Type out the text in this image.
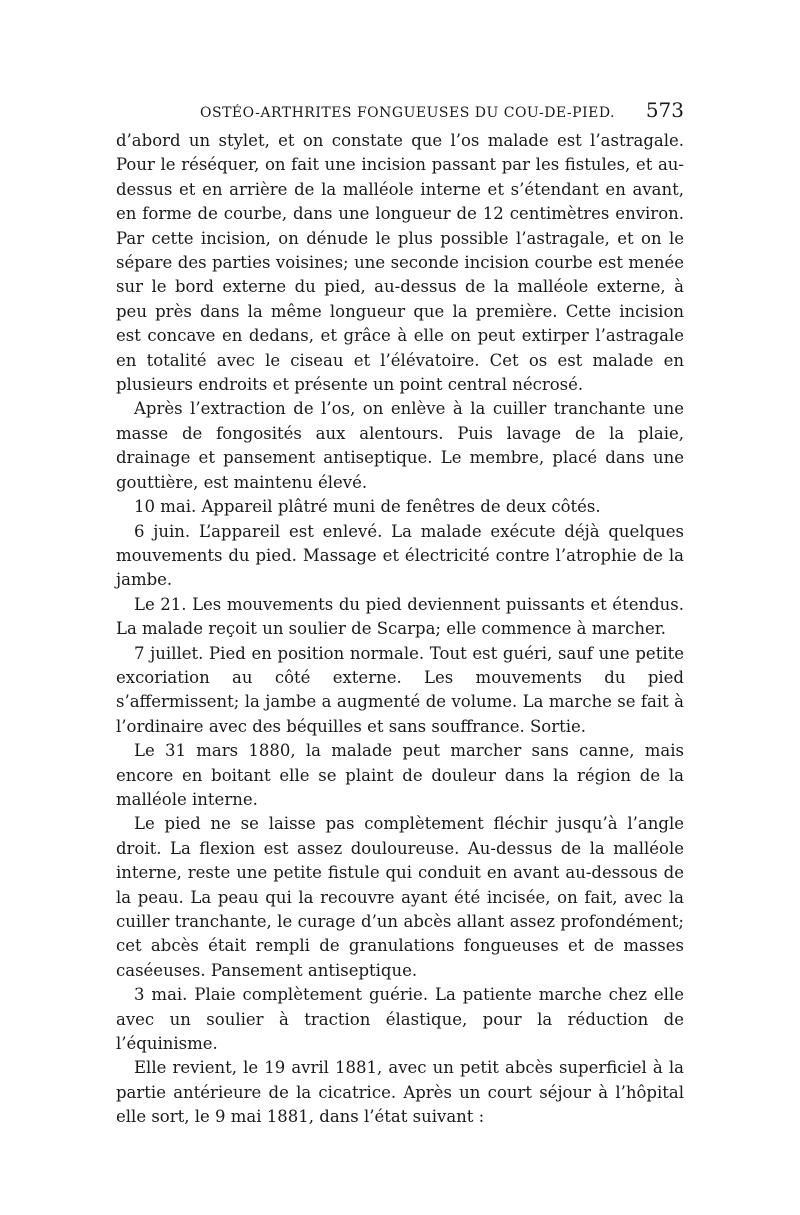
OSTÉO-ARTHRITES FONGUEUSES DU COU-DE-PIED. 573

d’abord un stylet, et on constate que l’os malade est l’astragale. Pour le réséquer, on fait une incision passant par les fistules, et au-dessus et en arrière de la malléole interne et s’étendant en avant, en forme de courbe, dans une longueur de 12 centimètres environ. Par cette incision, on dénude le plus possible l’astragale, et on le sépare des parties voisines; une seconde incision courbe est menée sur le bord externe du pied, au-dessus de la malléole externe, à peu près dans la même longueur que la première. Cette incision est concave en dedans, et grâce à elle on peut extirper l’astragale en totalité avec le ciseau et l’élévatoire. Cet os est malade en plusieurs endroits et présente un point central nécrosé.

Après l’extraction de l’os, on enlève à la cuiller tranchante une masse de fongosités aux alentours. Puis lavage de la plaie, drainage et pansement antiseptique. Le membre, placé dans une gouttière, est maintenu élevé.

10 mai. Appareil plâtré muni de fenêtres de deux côtés.

6 juin. L’appareil est enlevé. La malade exécute déjà quelques mouvements du pied. Massage et électricité contre l’atrophie de la jambe.

Le 21. Les mouvements du pied deviennent puissants et étendus. La malade reçoit un soulier de Scarpa; elle commence à marcher.

7 juillet. Pied en position normale. Tout est guéri, sauf une petite excoriation au côté externe. Les mouvements du pied s’affermissent; la jambe a augmenté de volume. La marche se fait à l’ordinaire avec des béquilles et sans souffrance. Sortie.

Le 31 mars 1880, la malade peut marcher sans canne, mais encore en boitant elle se plaint de douleur dans la région de la malléole interne.

Le pied ne se laisse pas complètement fléchir jusqu’à l’angle droit. La flexion est assez douloureuse. Au-dessus de la malléole interne, reste une petite fistule qui conduit en avant au-dessous de la peau. La peau qui la recouvre ayant été incisée, on fait, avec la cuiller tranchante, le curage d’un abcès allant assez profondément; cet abcès était rempli de granulations fongueuses et de masses caséeuses. Pansement antiseptique.

3 mai. Plaie complètement guérie. La patiente marche chez elle avec un soulier à traction élastique, pour la réduction de l’équinisme.

Elle revient, le 19 avril 1881, avec un petit abcès superficiel à la partie antérieure de la cicatrice. Après un court séjour à l’hôpital elle sort, le 9 mai 1881, dans l’état suivant :
